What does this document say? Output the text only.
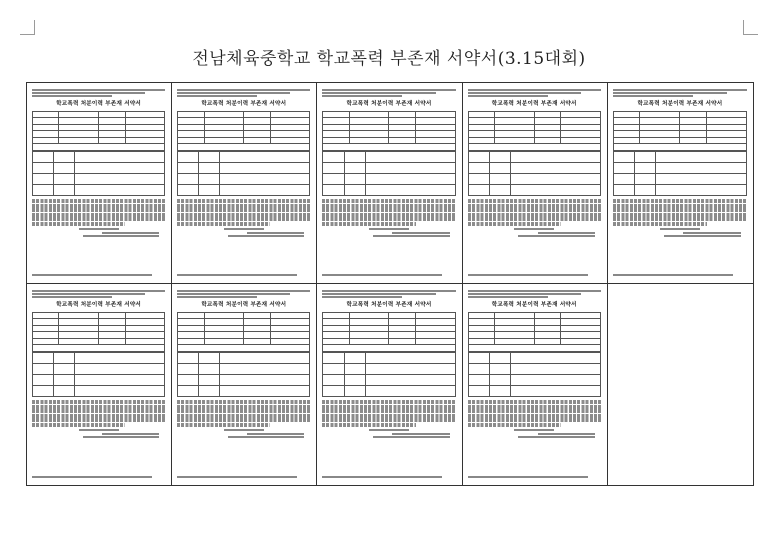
전남체육중학교 학교폭력 부존재 서약서(3.15대회)
학교폭력 처분이력 부존재 서약서

			학교폭력 처분이력 부존재 서약서

			학교폭력 처분이력 부존재 서약서

			학교폭력 처분이력 부존재 서약서

			학교폭력 처분이력 부존재 서약서

학교폭력 처분이력 부존재 서약서

			학교폭력 처분이력 부존재 서약서

			학교폭력 처분이력 부존재 서약서

			학교폭력 처분이력 부존재 서약서
